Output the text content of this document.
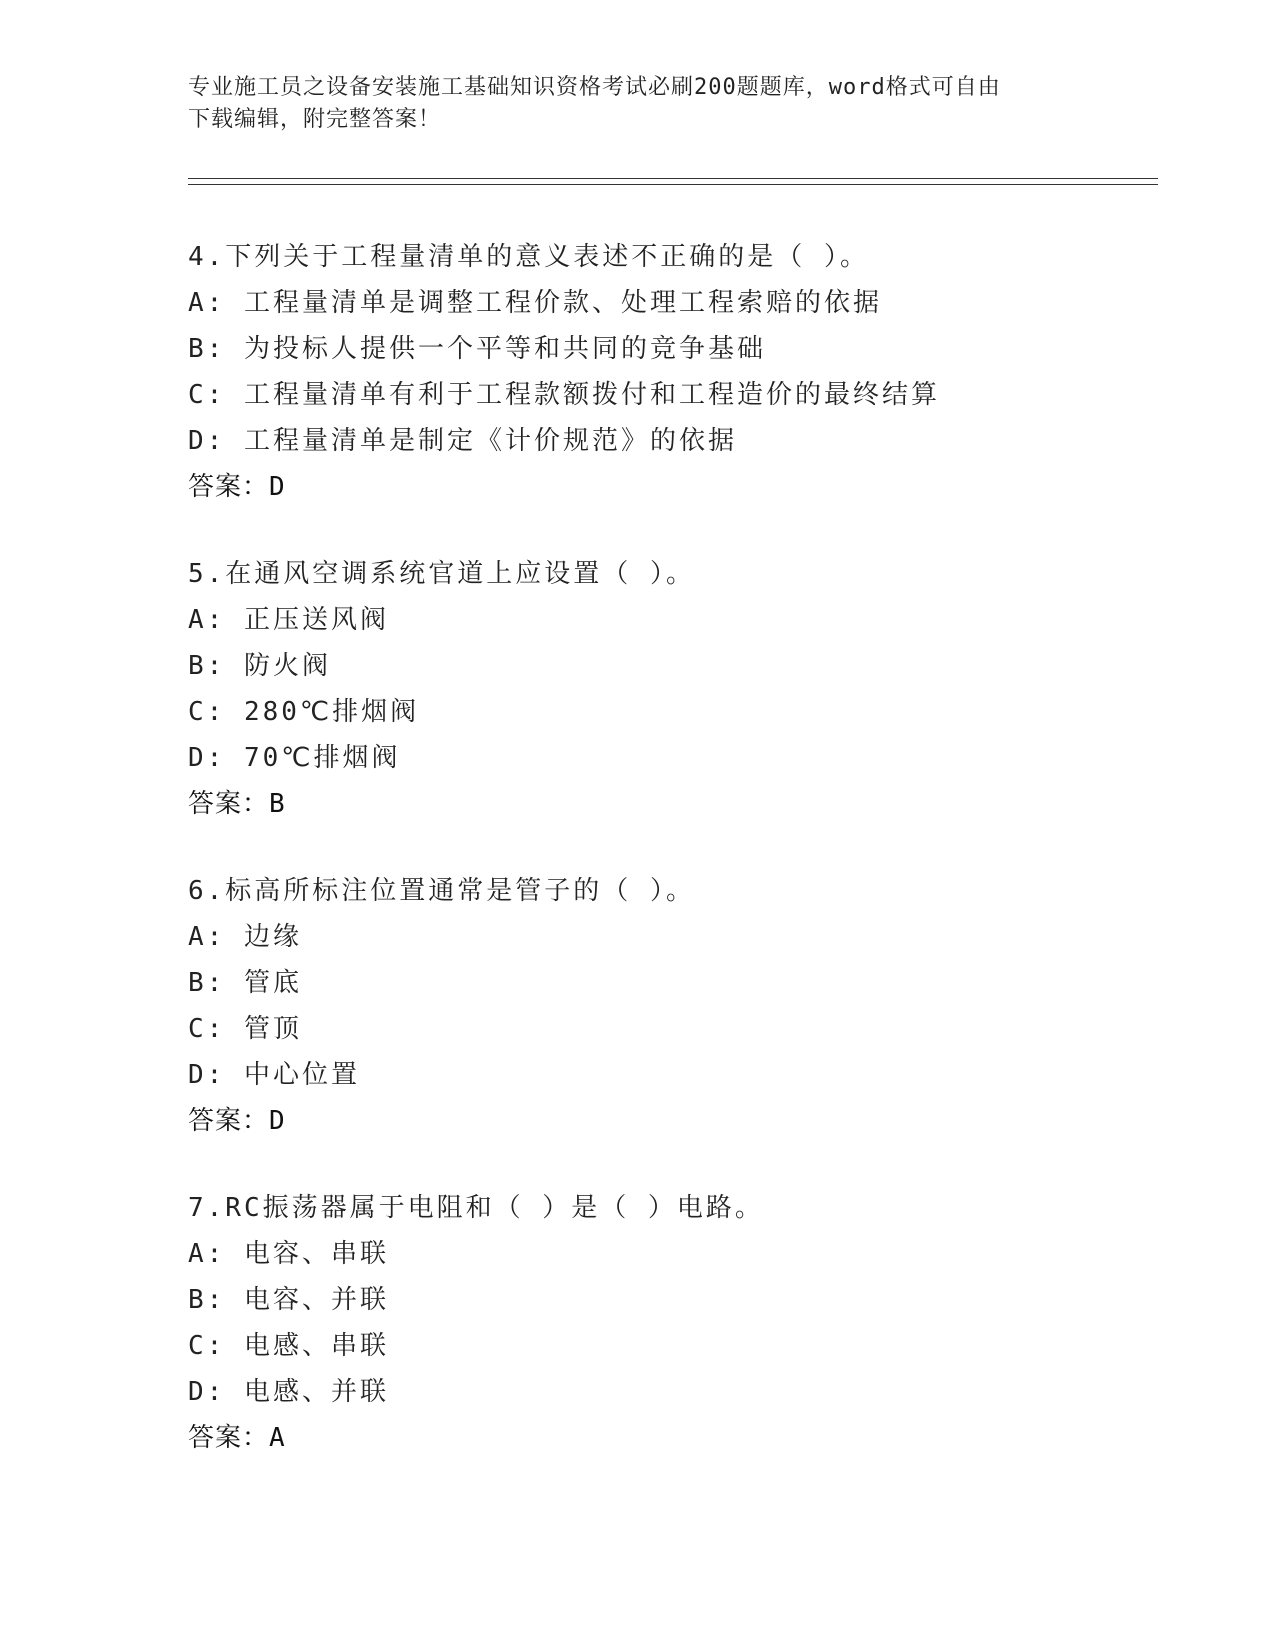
专业施工员之设备安装施工基础知识资格考试必刷200题题库，word格式可自由
下载编辑，附完整答案！
4.下列关于工程量清单的意义表述不正确的是（ ）。
A: 工程量清单是调整工程价款、处理工程索赔的依据
B: 为投标人提供一个平等和共同的竞争基础
C: 工程量清单有利于工程款额拨付和工程造价的最终结算
D: 工程量清单是制定《计价规范》的依据
答案：D
5.在通风空调系统官道上应设置（ ）。
A: 正压送风阀
B: 防火阀
C: 280℃排烟阀
D: 70℃排烟阀
答案：B
6.标高所标注位置通常是管子的（ ）。
A: 边缘
B: 管底
C: 管顶
D: 中心位置
答案：D
7.RC振荡器属于电阻和（ ）是（ ）电路。
A: 电容、串联
B: 电容、并联
C: 电感、串联
D: 电感、并联
答案：A
